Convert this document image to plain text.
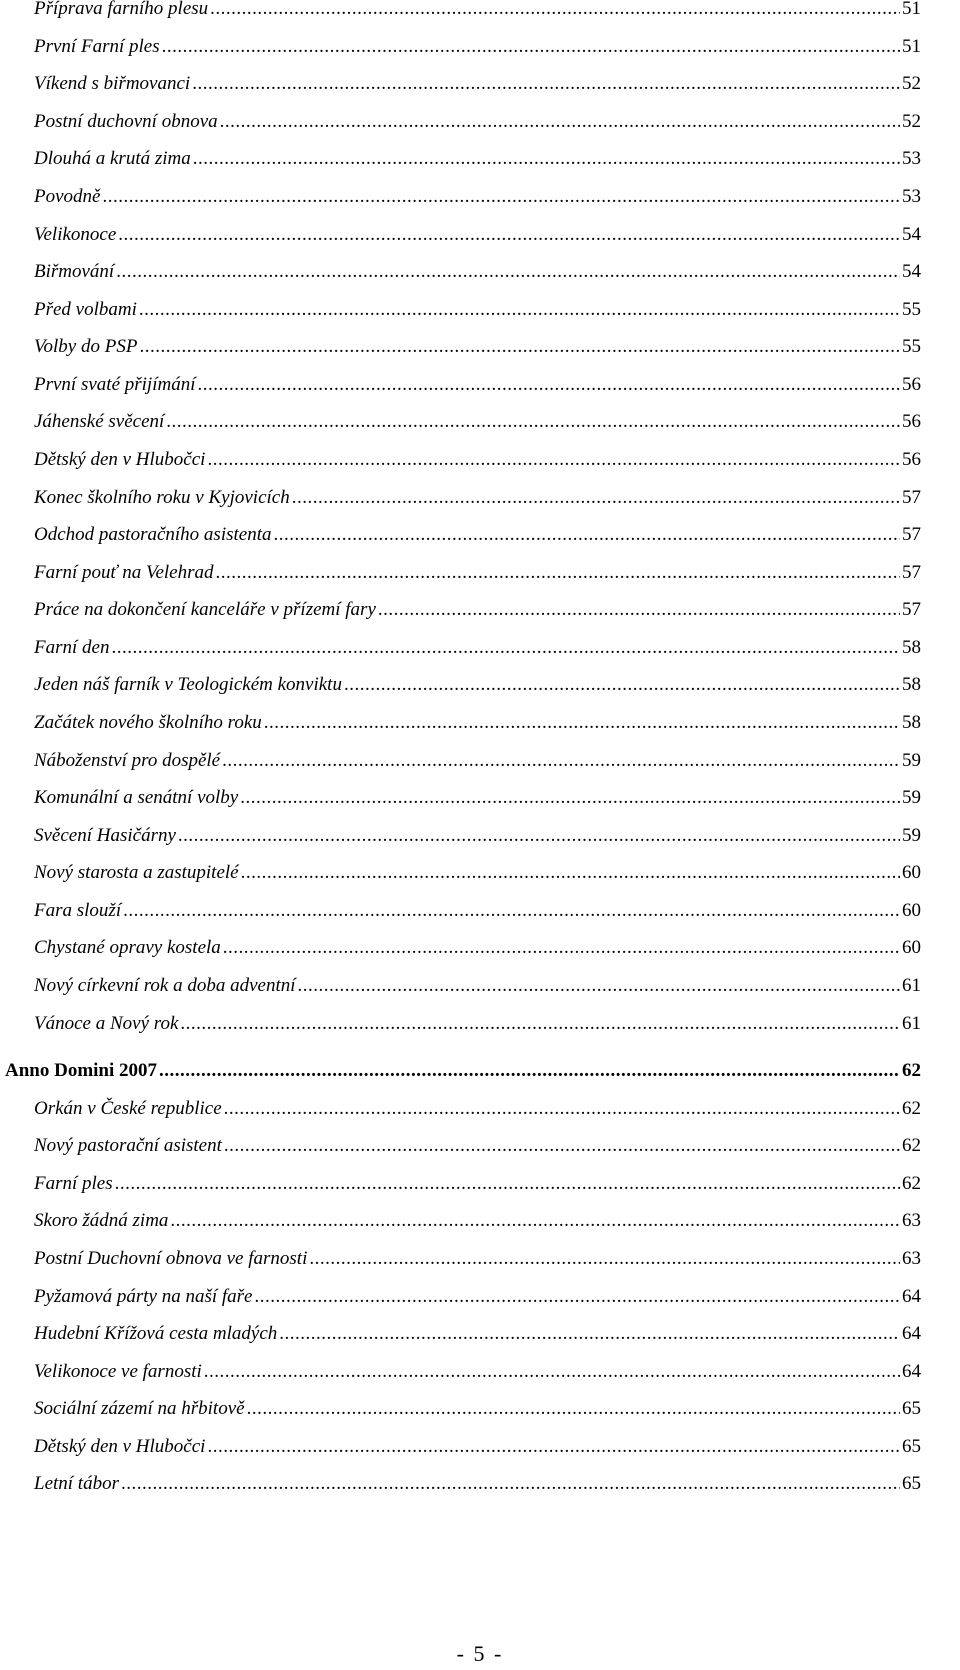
Příprava farního plesu .....	51
První Farní ples .....	51
Víkend s biřmovanci .....	52
Postní duchovní obnova .....	52
Dlouhá a krutá zima .....	53
Povodně .....	53
Velikonoce .....	54
Biřmování .....	54
Před volbami .....	55
Volby do PSP .....	55
První svaté přijímání .....	56
Jáhenské svěcení .....	56
Dětský den v Hlubočci .....	56
Konec školního roku v Kyjovicích .....	57
Odchod pastoračního asistenta .....	57
Farní pouť na Velehrad .....	57
Práce na dokončení kanceláře v přízemí fary .....	57
Farní den .....	58
Jeden náš farník v Teologickém konviktu .....	58
Začátek nového školního roku .....	58
Náboženství pro dospělé .....	59
Komunální a senátní volby .....	59
Svěcení Hasičárny .....	59
Nový starosta a zastupitelé .....	60
Fara slouží .....	60
Chystané opravy kostela .....	60
Nový církevní rok a doba adventní .....	61
Vánoce a Nový rok .....	61
Anno Domini 2007 .....	62
Orkán v České republice .....	62
Nový pastorační asistent .....	62
Farní ples .....	62
Skoro žádná zima .....	63
Postní Duchovní obnova ve farnosti .....	63
Pyžamová párty na naší faře .....	64
Hudební Křížová cesta mladých .....	64
Velikonoce ve farnosti .....	64
Sociální zázemí na hřbitově .....	65
Dětský den v Hlubočci .....	65
Letní tábor .....	65
- 5 -
